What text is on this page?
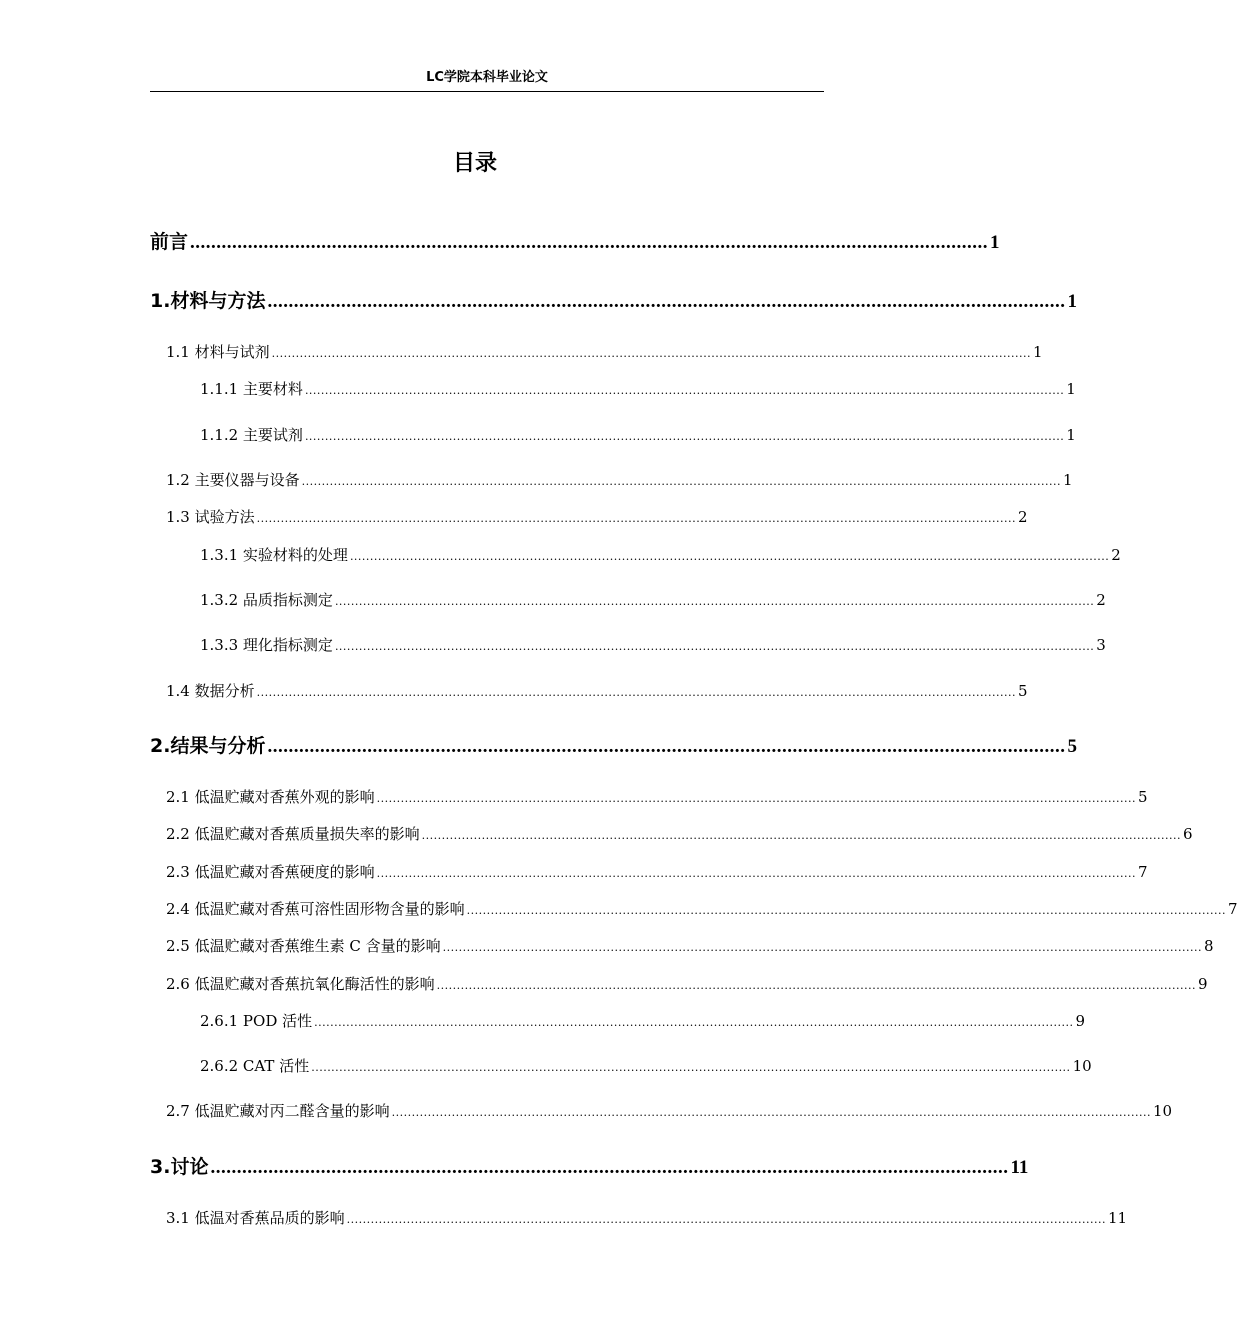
LC学院本科毕业论文
目录
前言 ........................................................................................................................................................ 1
1.材料与方法 ........................................................................................................................................................ 1
1.1 材料与试剂 .............................................................................................................................................................................................. 1
1.1.1 主要材料 .............................................................................................................................................................................................. 1
1.1.2 主要试剂 .............................................................................................................................................................................................. 1
1.2 主要仪器与设备 .............................................................................................................................................................................................. 1
1.3 试验方法 .............................................................................................................................................................................................. 2
1.3.1 实验材料的处理 .............................................................................................................................................................................................. 2
1.3.2 品质指标测定 .............................................................................................................................................................................................. 2
1.3.3 理化指标测定 .............................................................................................................................................................................................. 3
1.4 数据分析 .............................................................................................................................................................................................. 5
2.结果与分析 ........................................................................................................................................................ 5
2.1 低温贮藏对香蕉外观的影响 .............................................................................................................................................................................................. 5
2.2 低温贮藏对香蕉质量损失率的影响 .............................................................................................................................................................................................. 6
2.3 低温贮藏对香蕉硬度的影响 .............................................................................................................................................................................................. 7
2.4 低温贮藏对香蕉可溶性固形物含量的影响 .............................................................................................................................................................................................. 7
2.5 低温贮藏对香蕉维生素 C 含量的影响 .............................................................................................................................................................................................. 8
2.6 低温贮藏对香蕉抗氧化酶活性的影响 .............................................................................................................................................................................................. 9
2.6.1 POD 活性 .............................................................................................................................................................................................. 9
2.6.2 CAT 活性 .............................................................................................................................................................................................. 10
2.7 低温贮藏对丙二醛含量的影响 .............................................................................................................................................................................................. 10
3.讨论 ........................................................................................................................................................ 11
3.1 低温对香蕉品质的影响 .............................................................................................................................................................................................. 11
